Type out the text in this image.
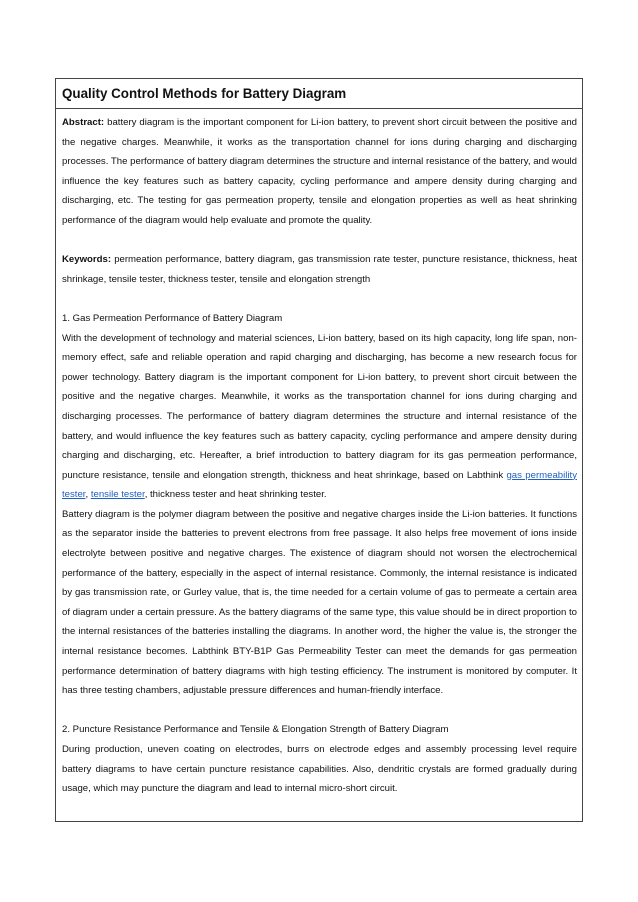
Quality Control Methods for Battery Diagram

Abstract: battery diagram is the important component for Li-ion battery, to prevent short circuit between the positive and the negative charges. Meanwhile, it works as the transportation channel for ions during charging and discharging processes. The performance of battery diagram determines the structure and internal resistance of the battery, and would influence the key features such as battery capacity, cycling performance and ampere density during charging and discharging, etc. The testing for gas permeation property, tensile and elongation properties as well as heat shrinking performance of the diagram would help evaluate and promote the quality.

Keywords: permeation performance, battery diagram, gas transmission rate tester, puncture resistance, thickness, heat shrinkage, tensile tester, thickness tester, tensile and elongation strength

1. Gas Permeation Performance of Battery Diagram

With the development of technology and material sciences, Li-ion battery, based on its high capacity, long life span, non-memory effect, safe and reliable operation and rapid charging and discharging, has become a new research focus for power technology. Battery diagram is the important component for Li-ion battery, to prevent short circuit between the positive and the negative charges. Meanwhile, it works as the transportation channel for ions during charging and discharging processes. The performance of battery diagram determines the structure and internal resistance of the battery, and would influence the key features such as battery capacity, cycling performance and ampere density during charging and discharging, etc. Hereafter, a brief introduction to battery diagram for its gas permeation performance, puncture resistance, tensile and elongation strength, thickness and heat shrinkage, based on Labthink gas permeability tester, tensile tester, thickness tester and heat shrinking tester.

Battery diagram is the polymer diagram between the positive and negative charges inside the Li-ion batteries. It functions as the separator inside the batteries to prevent electrons from free passage. It also helps free movement of ions inside electrolyte between positive and negative charges. The existence of diagram should not worsen the electrochemical performance of the battery, especially in the aspect of internal resistance. Commonly, the internal resistance is indicated by gas transmission rate, or Gurley value, that is, the time needed for a certain volume of gas to permeate a certain area of diagram under a certain pressure. As the battery diagrams of the same type, this value should be in direct proportion to the internal resistances of the batteries installing the diagrams. In another word, the higher the value is, the stronger the internal resistance becomes. Labthink BTY-B1P Gas Permeability Tester can meet the demands for gas permeation performance determination of battery diagrams with high testing efficiency. The instrument is monitored by computer. It has three testing chambers, adjustable pressure differences and human-friendly interface.

2. Puncture Resistance Performance and Tensile & Elongation Strength of Battery Diagram

During production, uneven coating on electrodes, burrs on electrode edges and assembly processing level require battery diagrams to have certain puncture resistance capabilities. Also, dendritic crystals are formed gradually during usage, which may puncture the diagram and lead to internal micro-short circuit.
